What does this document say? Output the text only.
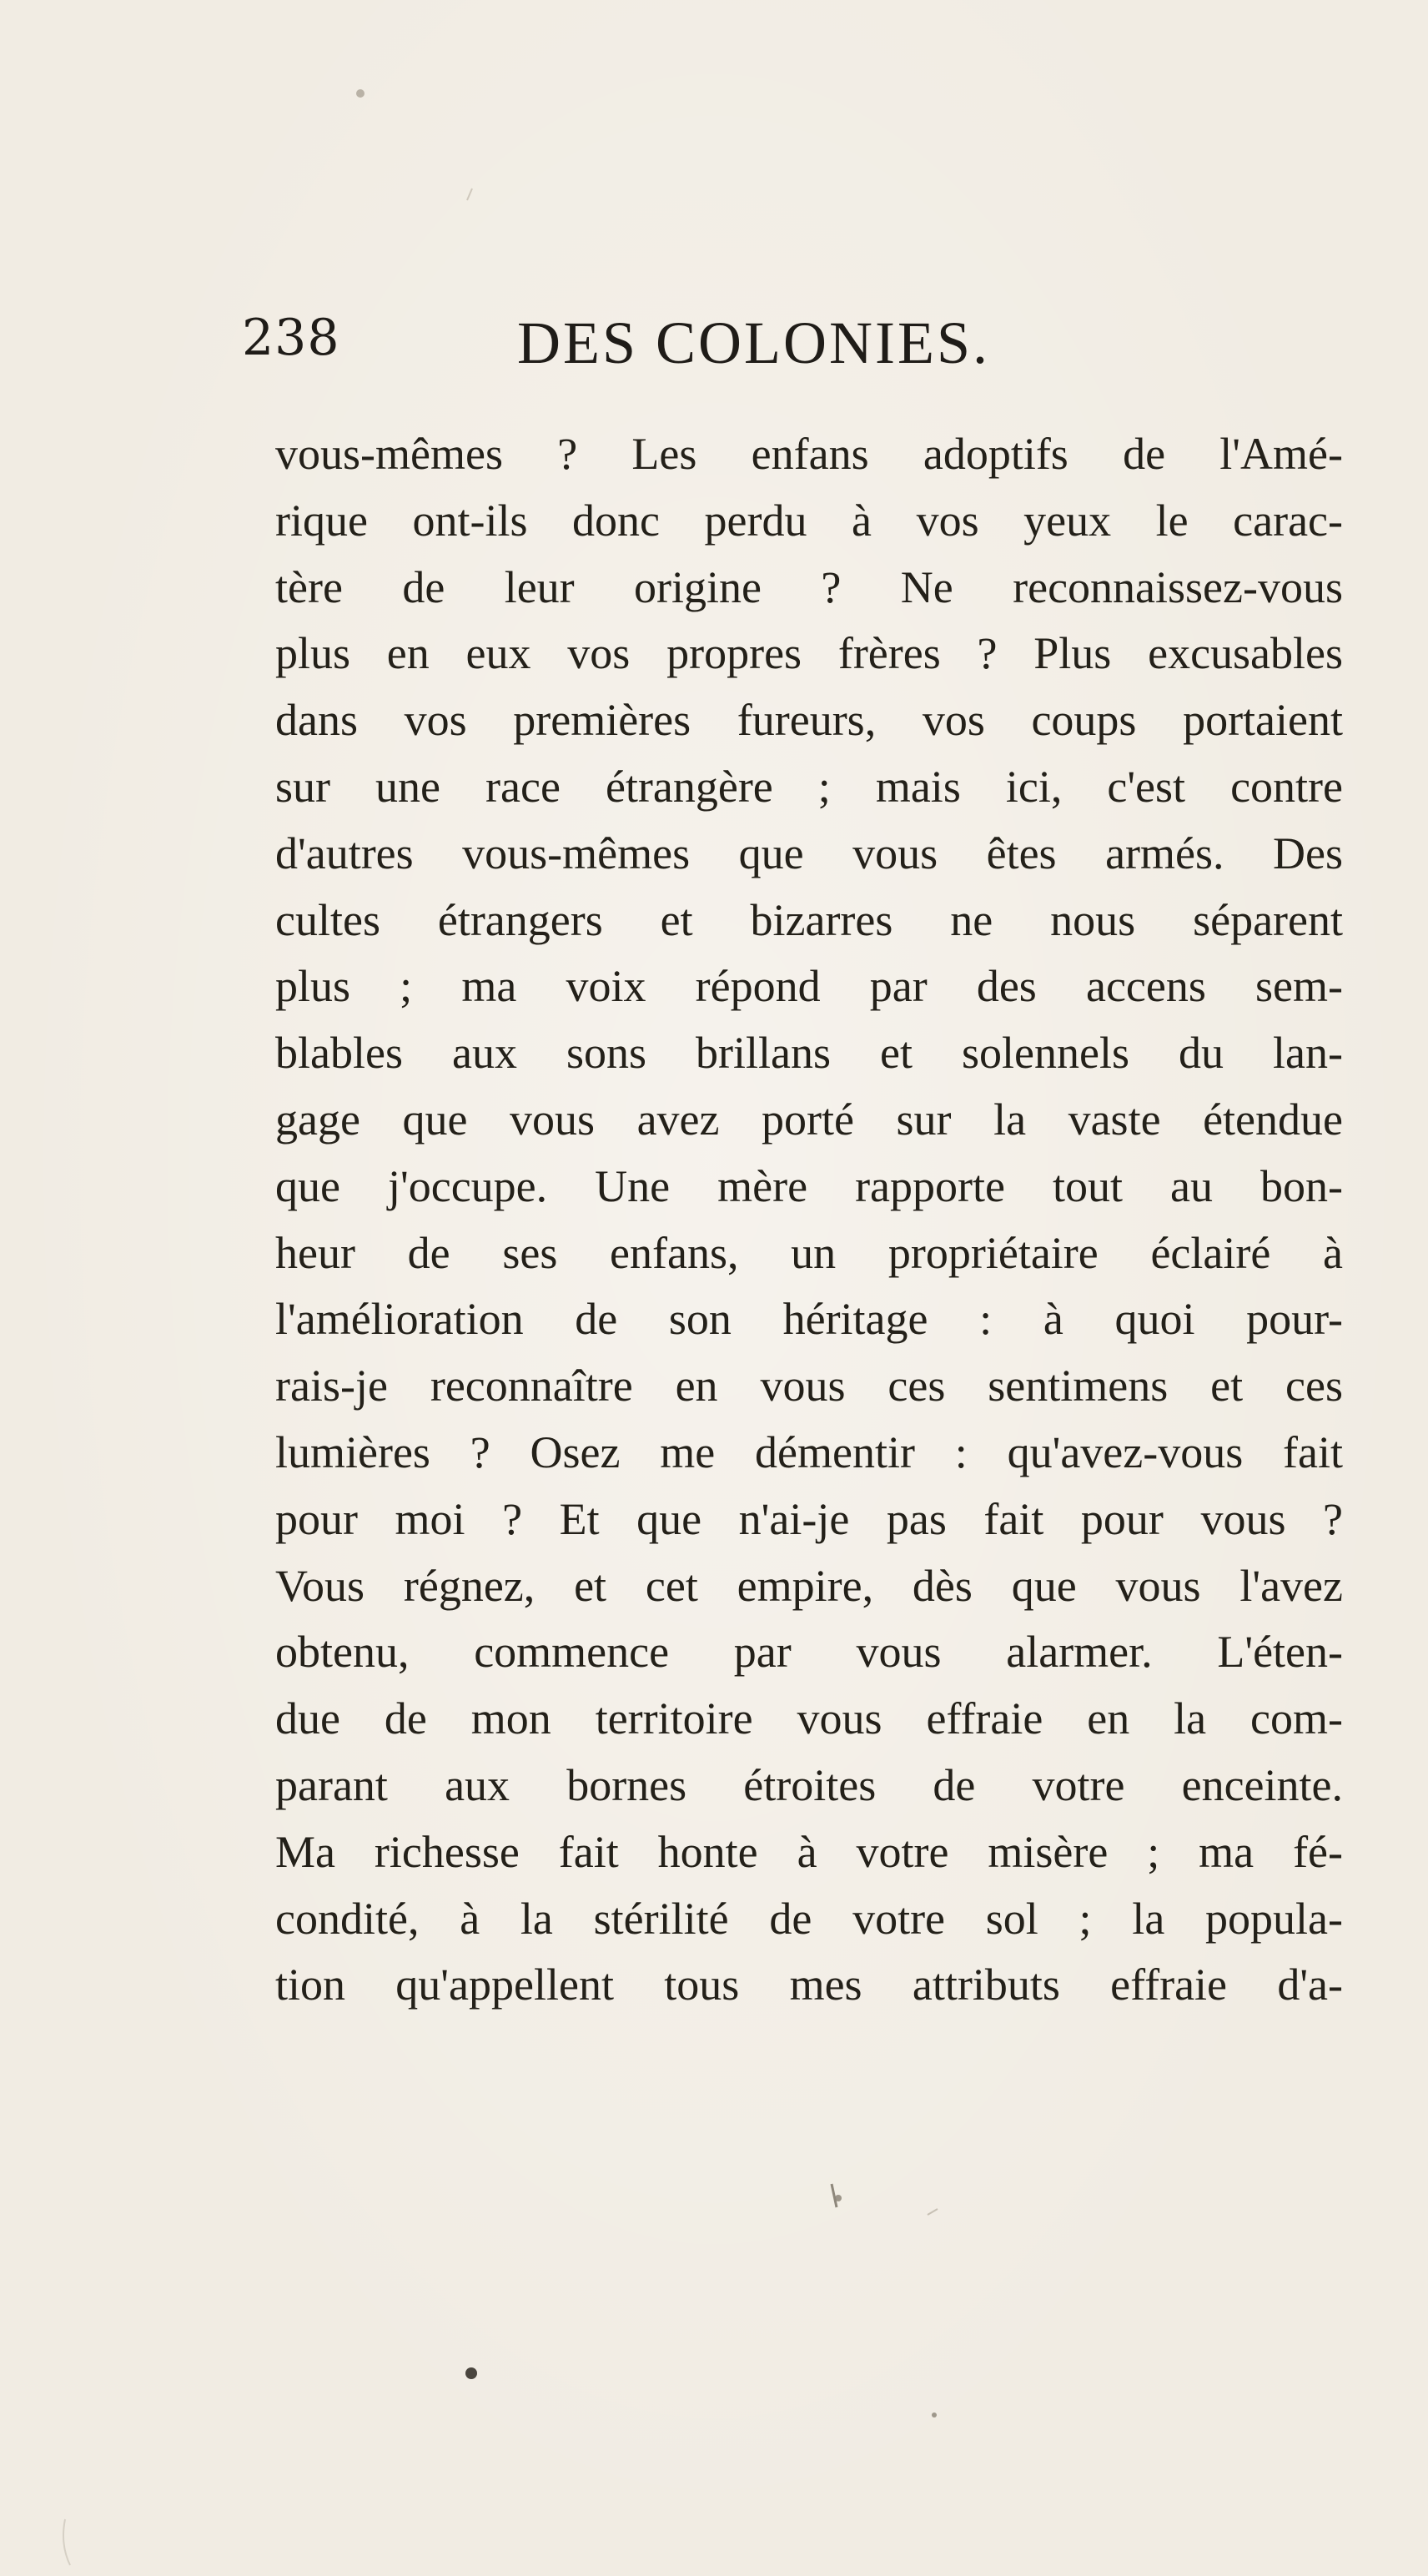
238	DES COLONIES.
vous-mêmes ? Les enfans adoptifs de l'Amé-
rique ont-ils donc perdu à vos yeux le carac-
tère de leur origine ? Ne reconnaissez-vous
plus en eux vos propres frères ? Plus excusables
dans vos premières fureurs, vos coups portaient
sur une race étrangère ; mais ici, c'est contre
d'autres vous-mêmes que vous êtes armés. Des
cultes étrangers et bizarres ne nous séparent
plus ; ma voix répond par des accens sem-
blables aux sons brillans et solennels du lan-
gage que vous avez porté sur la vaste étendue
que j'occupe. Une mère rapporte tout au bon-
heur de ses enfans, un propriétaire éclairé à
l'amélioration de son héritage : à quoi pour-
rais-je reconnaître en vous ces sentimens et ces
lumières ? Osez me démentir : qu'avez-vous fait
pour moi ? Et que n'ai-je pas fait pour vous ?
Vous régnez, et cet empire, dès que vous l'avez
obtenu, commence par vous alarmer. L'éten-
due de mon territoire vous effraie en la com-
parant aux bornes étroites de votre enceinte.
Ma richesse fait honte à votre misère ; ma fé-
condité, à la stérilité de votre sol ; la popula-
tion qu'appellent tous mes attributs effraie d'a-
